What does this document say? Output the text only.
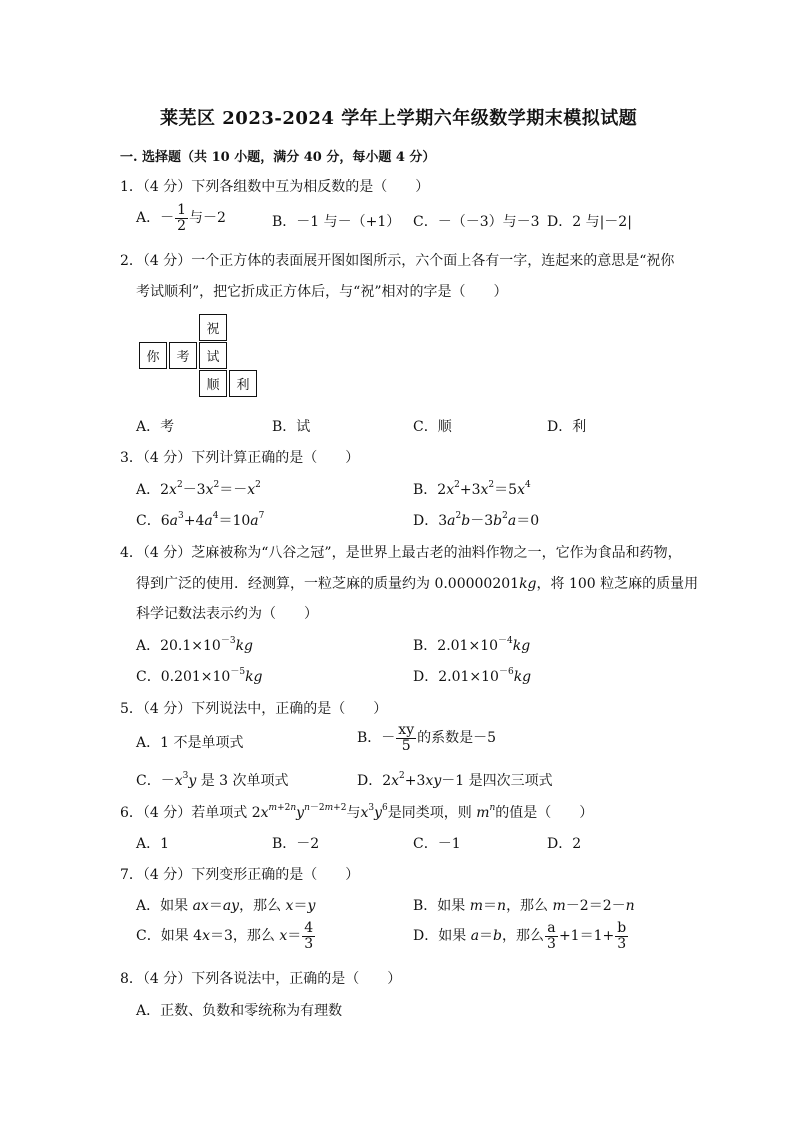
莱芜区 2023-2024 学年上学期六年级数学期末模拟试题
一. 选择题（共 10 小题，满分 40 分，每小题 4 分）
1．（4 分）下列各组数中互为相反数的是（　　）
A．－ $\frac{1}{2}$ 与－2	B．－1 与－（+1） C．－（－3）与－3 D．2 与|－2|
2．（4 分）一个正方体的表面展开图如图所示，六个面上各有一字，连起来的意思是“祝你
考试顺利”，把它折成正方体后，与“祝”相对的字是（　　）
祝
你	考	试
顺	利
A．考	B．试	C．顺	D．利
3．（4 分）下列计算正确的是（　　）
A．$2x^2-3x^2=-x^2$	B．$2x^2+3x^2=5x^4$
C．$6a^3+4a^4=10a^7$	D．$3a^2b-3b^2a=0$
4．（4 分）芝麻被称为“八谷之冠”，是世界上最古老的油料作物之一，它作为食品和药物，
得到广泛的使用．经测算，一粒芝麻的质量约为 0.00000201kg，将 100 粒芝麻的质量用
科学记数法表示约为（　　）
A．$20.1\times 10^{-3}kg$	B．$2.01\times 10^{-4}kg$
C．$0.201\times 10^{-5}kg$	D．$2.01\times 10^{-6}kg$
5．（4 分）下列说法中，正确的是（　　）
A．1 不是单项式	B．－ $\frac{xy}{5}$ 的系数是－5
C．$-x^3y$ 是 3 次单项式	D．$2x^2+3xy-1$ 是四次三项式
6．（4 分）若单项式 $2x^{m+2n}y^{n-2m+2}$与$x^3y^6$是同类项，则 $m^n$的值是（　　）
A．1	B．－2	C．－1	D．2
7．（4 分）下列变形正确的是（　　）
A．如果 ax＝ay，那么 x＝y	B．如果 m＝n，那么 m－2＝2－n
C．如果 4x＝3，那么 $x= \frac{4}{3}$	D．如果 a＝b，那么 $\frac{a}{3} +1=1+ \frac{b}{3}$
8．（4 分）下列各说法中，正确的是（　　）
A．正数、负数和零统称为有理数
